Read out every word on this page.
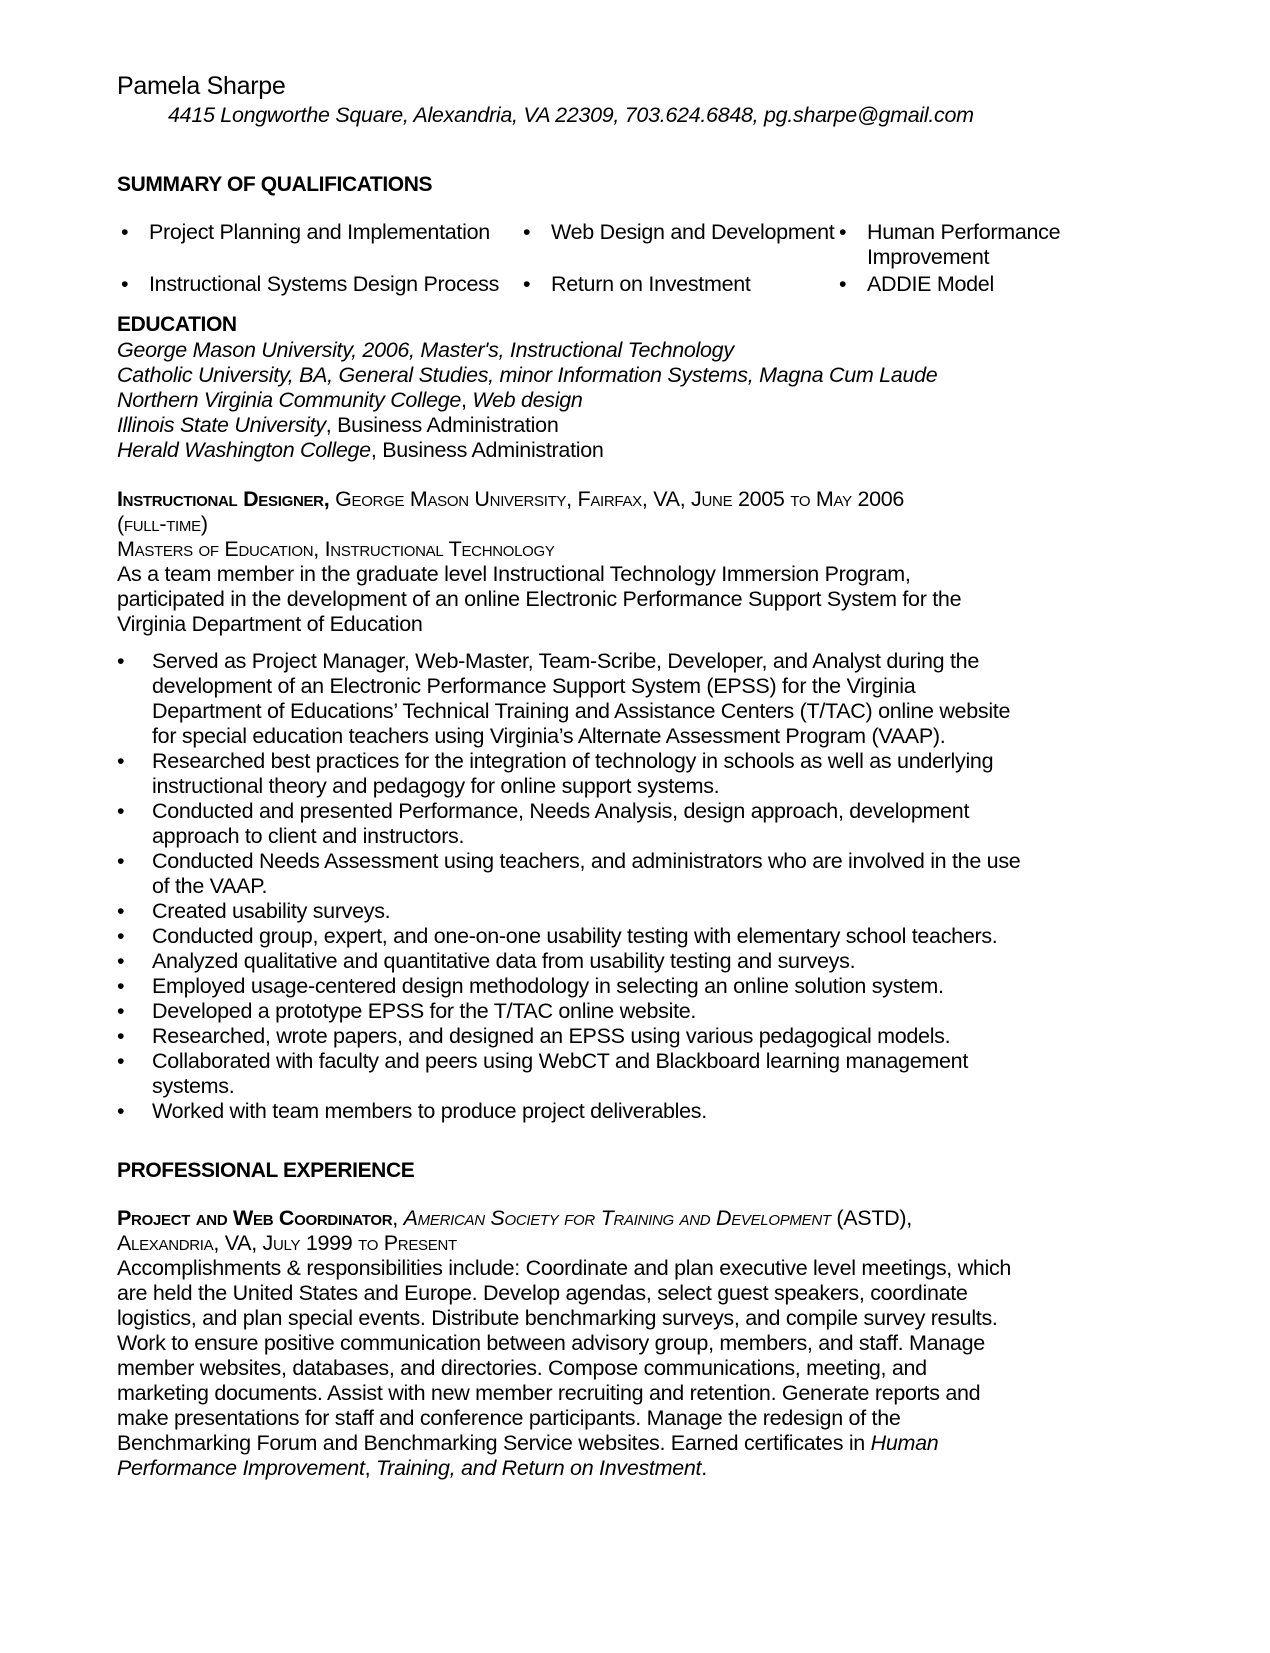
Pamela Sharpe
4415 Longworthe Square, Alexandria, VA 22309, 703.624.6848, pg.sharpe@gmail.com
SUMMARY OF QUALIFICATIONS
• Project Planning and Implementation • Web Design and Development • Human Performance
Improvement
• Instructional Systems Design Process • Return on Investment	• ADDIE Model
EDUCATION
George Mason University, 2006, Master's, Instructional Technology
Catholic University, BA, General Studies, minor Information Systems, Magna Cum Laude
Northern Virginia Community College, Web design
Illinois State University, Business Administration
Herald Washington College, Business Administration
Instructional Designer, George Mason University, Fairfax, VA, June 2005 to May 2006
(full-time)
Masters of Education, Instructional Technology
As a team member in the graduate level Instructional Technology Immersion Program,
participated in the development of an online Electronic Performance Support System for the
Virginia Department of Education
•	Served as Project Manager, Web-Master, Team-Scribe, Developer, and Analyst during the
development of an Electronic Performance Support System (EPSS) for the Virginia
Department of Educations’ Technical Training and Assistance Centers (T/TAC) online website
for special education teachers using Virginia’s Alternate Assessment Program (VAAP).
•	Researched best practices for the integration of technology in schools as well as underlying
instructional theory and pedagogy for online support systems.
•	Conducted and presented Performance, Needs Analysis, design approach, development
approach to client and instructors.
•	Conducted Needs Assessment using teachers, and administrators who are involved in the use
of the VAAP.
•	Created usability surveys.
•	Conducted group, expert, and one-on-one usability testing with elementary school teachers.
•	Analyzed qualitative and quantitative data from usability testing and surveys.
•	Employed usage-centered design methodology in selecting an online solution system.
•	Developed a prototype EPSS for the T/TAC online website.
•	Researched, wrote papers, and designed an EPSS using various pedagogical models.
•	Collaborated with faculty and peers using WebCT and Blackboard learning management
systems.
•	Worked with team members to produce project deliverables.
PROFESSIONAL EXPERIENCE
Project and Web Coordinator, American Society for Training and Development (ASTD),
Alexandria, VA, July 1999 to Present
Accomplishments & responsibilities include: Coordinate and plan executive level meetings, which
are held the United States and Europe. Develop agendas, select guest speakers, coordinate
logistics, and plan special events. Distribute benchmarking surveys, and compile survey results.
Work to ensure positive communication between advisory group, members, and staff. Manage
member websites, databases, and directories. Compose communications, meeting, and
marketing documents. Assist with new member recruiting and retention. Generate reports and
make presentations for staff and conference participants. Manage the redesign of the
Benchmarking Forum and Benchmarking Service websites. Earned certificates in Human
Performance Improvement, Training, and Return on Investment.
